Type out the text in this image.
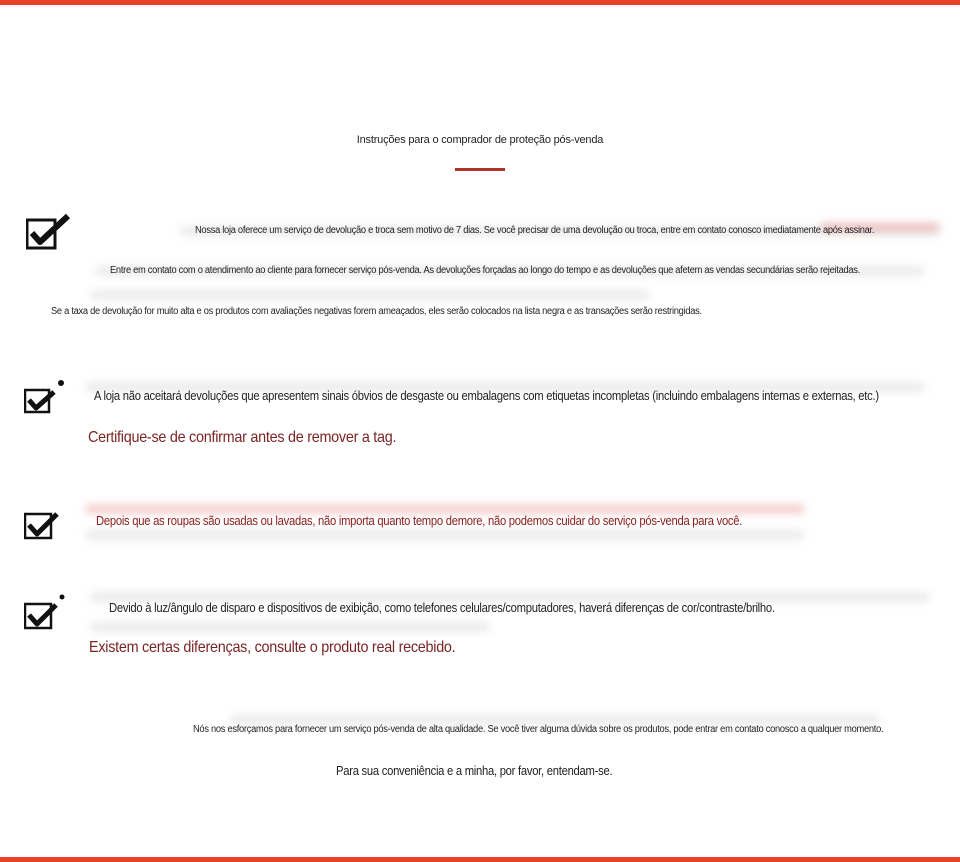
Instruções para o comprador de proteção pós-venda
Nossa loja oferece um serviço de devolução e troca sem motivo de 7 dias. Se você precisar de uma devolução ou troca, entre em contato conosco imediatamente após assinar.
Entre em contato com o atendimento ao cliente para fornecer serviço pós-venda. As devoluções forçadas ao longo do tempo e as devoluções que afetem as vendas secundárias serão rejeitadas.
Se a taxa de devolução for muito alta e os produtos com avaliações negativas forem ameaçados, eles serão colocados na lista negra e as transações serão restringidas.
A loja não aceitará devoluções que apresentem sinais óbvios de desgaste ou embalagens com etiquetas incompletas (incluindo embalagens internas e externas, etc.)
Certifique-se de confirmar antes de remover a tag.
Depois que as roupas são usadas ou lavadas, não importa quanto tempo demore, não podemos cuidar do serviço pós-venda para você.
Devido à luz/ângulo de disparo e dispositivos de exibição, como telefones celulares/computadores, haverá diferenças de cor/contraste/brilho.
Existem certas diferenças, consulte o produto real recebido.
Nós nos esforçamos para fornecer um serviço pós-venda de alta qualidade. Se você tiver alguma dúvida sobre os produtos, pode entrar em contato conosco a qualquer momento.
Para sua conveniência e a minha, por favor, entendam-se.
